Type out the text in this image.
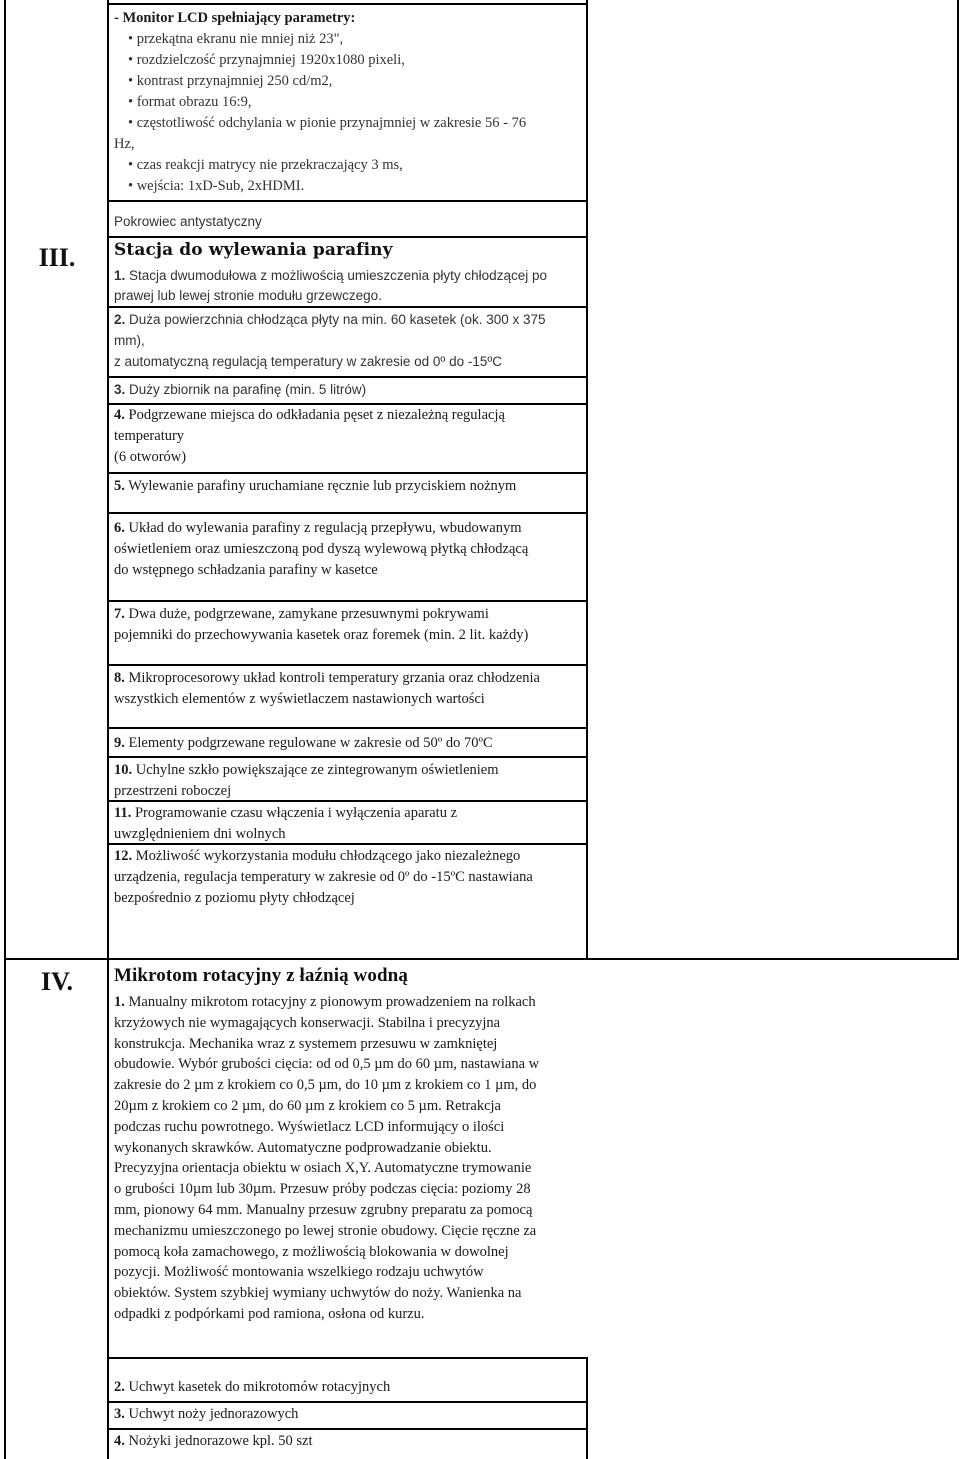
- Monitor LCD spełniający parametry:
• przekątna ekranu nie mniej niż 23",
• rozdzielczość przynajmniej 1920x1080 pixeli,
• kontrast przynajmniej 250 cd/m2,
• format obrazu 16:9,
• częstotliwość odchylania w pionie przynajmniej w zakresie 56 - 76
Hz,
• czas reakcji matrycy nie przekraczający 3 ms,
• wejścia: 1xD-Sub, 2xHDMI.
Pokrowiec antystatyczny
III.	Stacja do wylewania parafiny
1. Stacja dwumodułowa z możliwością umieszczenia płyty chłodzącej po
prawej lub lewej stronie modułu grzewczego.
2. Duża powierzchnia chłodząca płyty na min. 60 kasetek (ok. 300 x 375
mm),
z automatyczną regulacją temperatury w zakresie od 0º do -15ºC
3. Duży zbiornik na parafinę (min. 5 litrów)
4. Podgrzewane miejsca do odkładania pęset z niezależną regulacją
temperatury
(6 otworów)
5. Wylewanie parafiny uruchamiane ręcznie lub przyciskiem nożnym
6. Układ do wylewania parafiny z regulacją przepływu, wbudowanym
oświetleniem oraz umieszczoną pod dyszą wylewową płytką chłodzącą
do wstępnego schładzania parafiny w kasetce
7. Dwa duże, podgrzewane, zamykane przesuwnymi pokrywami
pojemniki do przechowywania kasetek oraz foremek (min. 2 lit. każdy)
8. Mikroprocesorowy układ kontroli temperatury grzania oraz chłodzenia
wszystkich elementów z wyświetlaczem nastawionych wartości
9. Elementy podgrzewane regulowane w zakresie od 50º do 70ºC
10. Uchylne szkło powiększające ze zintegrowanym oświetleniem
przestrzeni roboczej
11. Programowanie czasu włączenia i wyłączenia aparatu z
uwzględnieniem dni wolnych
12. Możliwość wykorzystania modułu chłodzącego jako niezależnego
urządzenia, regulacja temperatury w zakresie od 0º do -15ºC nastawiana
bezpośrednio z poziomu płyty chłodzącej
IV.	Mikrotom rotacyjny z łaźnią wodną
1. Manualny mikrotom rotacyjny z pionowym prowadzeniem na rolkach
krzyżowych nie wymagających konserwacji. Stabilna i precyzyjna
konstrukcja. Mechanika wraz z systemem przesuwu w zamkniętej
obudowie. Wybór grubości cięcia: od od 0,5 µm do 60 µm, nastawiana w
zakresie do 2 µm z krokiem co 0,5 µm, do 10 µm z krokiem co 1 µm, do
20µm z krokiem co 2 µm, do 60 µm z krokiem co 5 µm. Retrakcja
podczas ruchu powrotnego. Wyświetlacz LCD informujący o ilości
wykonanych skrawków. Automatyczne podprowadzanie obiektu.
Precyzyjna orientacja obiektu w osiach X,Y. Automatyczne trymowanie
o grubości 10µm lub 30µm. Przesuw próby podczas cięcia: poziomy 28
mm, pionowy 64 mm. Manualny przesuw zgrubny preparatu za pomocą
mechanizmu umieszczonego po lewej stronie obudowy. Cięcie ręczne za
pomocą koła zamachowego, z możliwością blokowania w dowolnej
pozycji. Możliwość montowania wszelkiego rodzaju uchwytów
obiektów. System szybkiej wymiany uchwytów do noży. Wanienka na
odpadki z podpórkami pod ramiona, osłona od kurzu.
2. Uchwyt kasetek do mikrotomów rotacyjnych
3. Uchwyt noży jednorazowych
4. Nożyki jednorazowe kpl. 50 szt
